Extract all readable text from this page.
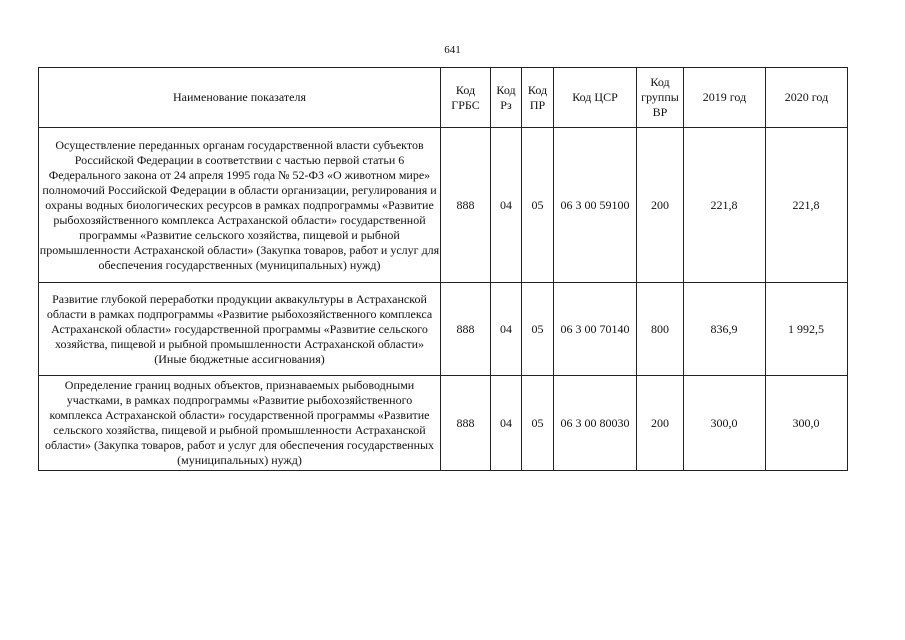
641
Наименование показателя	Код ГРБС	Код Рз	Код ПР	Код ЦСР	Код группы ВР	2019 год	2020 год
Осуществление переданных органам государственной власти субъектов Российской Федерации в соответствии с частью первой статьи 6 Федерального закона от 24 апреля 1995 года № 52-ФЗ «О животном мире» полномочий Российской Федерации в области организации, регулирования и охраны водных биологических ресурсов в рамках подпрограммы «Развитие рыбохозяйственного комплекса Астраханской области» государственной программы «Развитие сельского хозяйства, пищевой и рыбной промышленности Астраханской области» (Закупка товаров, работ и услуг для обеспечения государственных (муниципальных) нужд)	888	04	05	06 3 00 59100	200	221,8	221,8
Развитие глубокой переработки продукции аквакультуры в Астраханской области в рамках подпрограммы «Развитие рыбохозяйственного комплекса Астраханской области» государственной программы «Развитие сельского хозяйства, пищевой и рыбной промышленности Астраханской области» (Иные бюджетные ассигнования)	888	04	05	06 3 00 70140	800	836,9	1 992,5
Определение границ водных объектов, признаваемых рыбоводными участками, в рамках подпрограммы «Развитие рыбохозяйственного комплекса Астраханской области» государственной программы «Развитие сельского хозяйства, пищевой и рыбной промышленности Астраханской области» (Закупка товаров, работ и услуг для обеспечения государственных (муниципальных) нужд)	888	04	05	06 3 00 80030	200	300,0	300,0
